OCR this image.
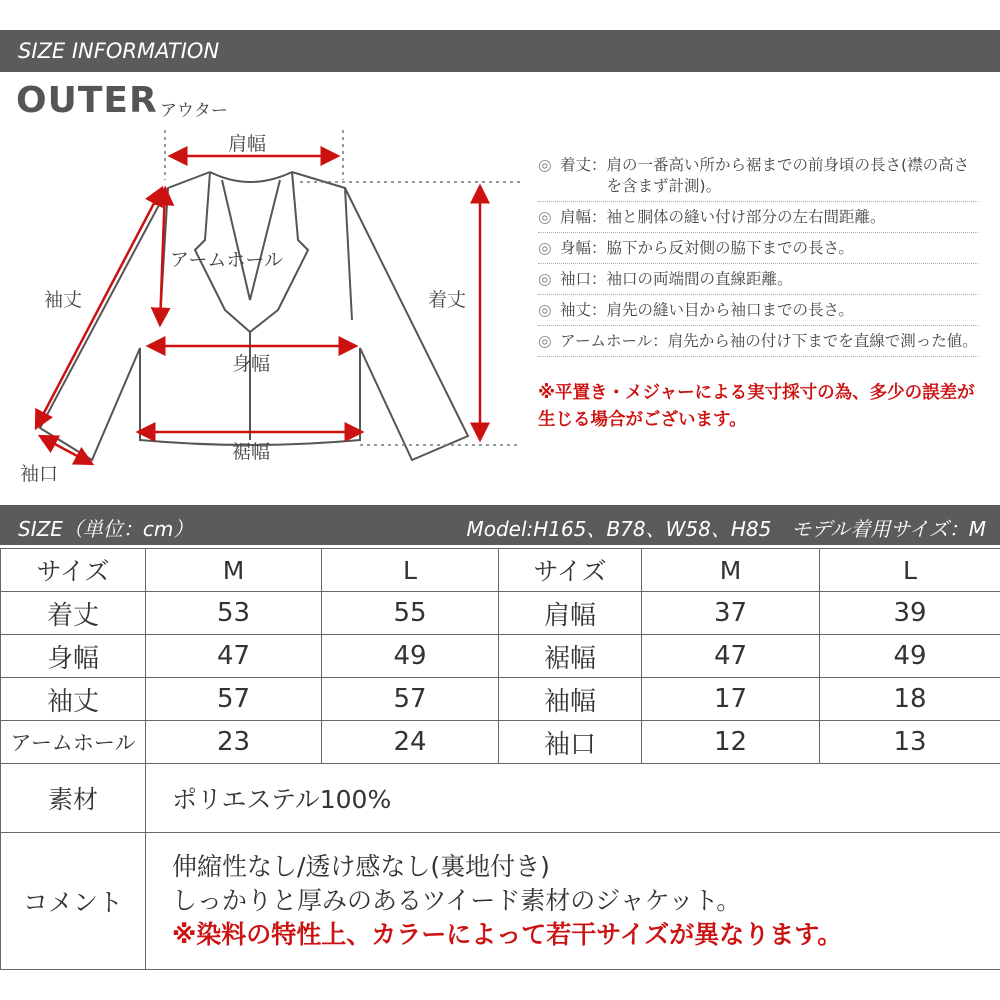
SIZE INFORMATION
OUTER アウター
肩幅
アームホール
袖丈	着丈
身幅
裾幅
袖口
◎ 着丈 ： 肩の一番高い所から裾までの前身頃の長さ(襟の高さを含まず計測)。
◎ 肩幅 ： 袖と胴体の縫い付け部分の左右間距離。
◎ 身幅 ： 脇下から反対側の脇下までの長さ。
◎ 袖口 ： 袖口の両端間の直線距離。
◎ 袖丈 ： 肩先の縫い目から袖口までの長さ。
◎ アームホール ： 肩先から袖の付け下までを直線で測った値。
※平置き・メジャーによる実寸採寸の為、多少の誤差が生じる場合がございます。
SIZE（単位：cm）	Model:H165、B78、W58、H85　モデル着用サイズ：M
サイズ	M	L	サイズ	M	L
着丈	53	55	肩幅	37	39
身幅	47	49	裾幅	47	49
袖丈	57	57	袖幅	17	18
アームホール	23	24	袖口	12	13
素材	ポリエステル100%
コメント	伸縮性なし/透け感なし(裏地付き)
しっかりと厚みのあるツイード素材のジャケット。
※染料の特性上、カラーによって若干サイズが異なります。
